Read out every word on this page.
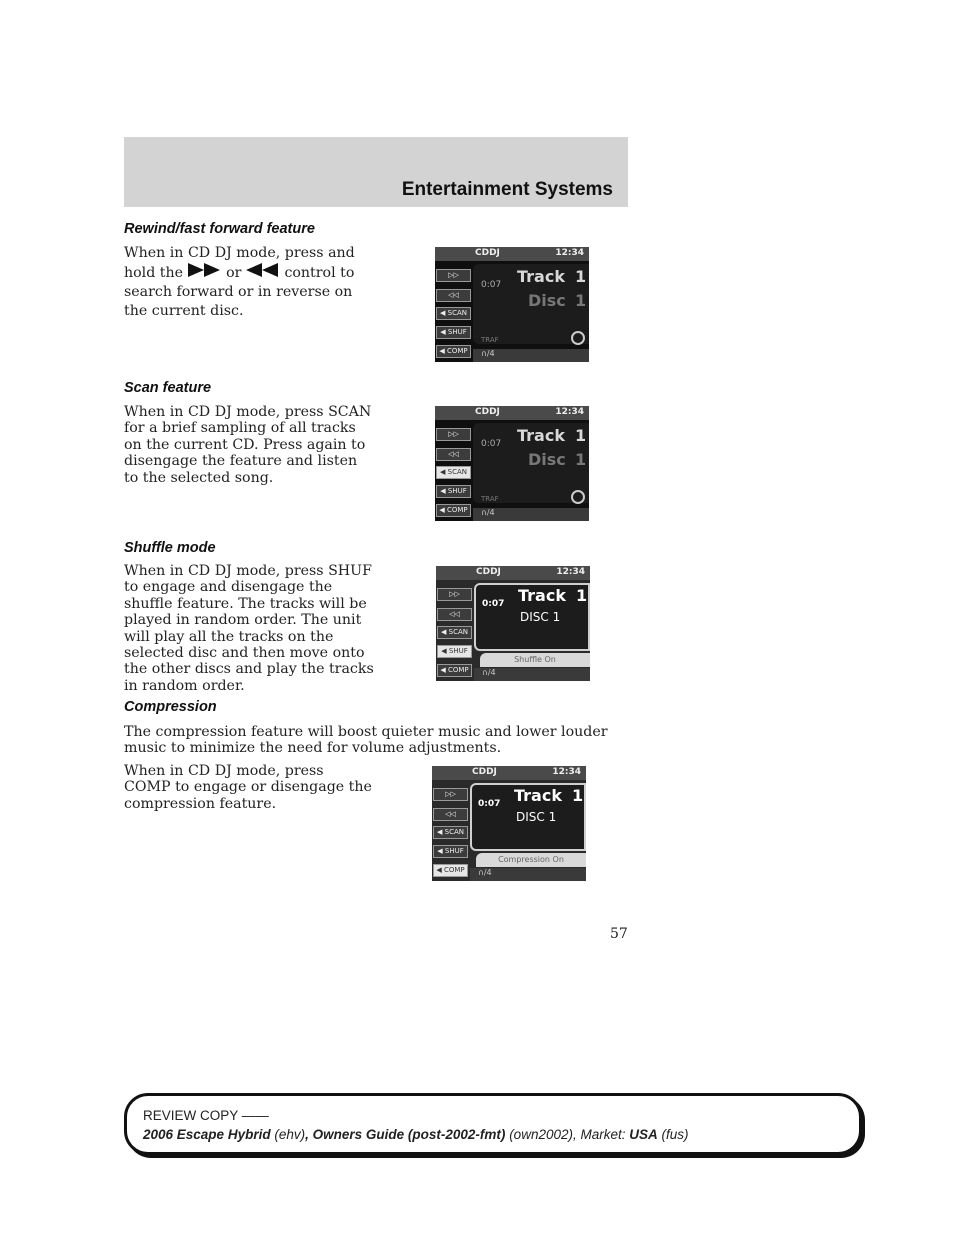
Entertainment Systems
Rewind/fast forward feature
When in CD DJ mode, press and hold the	or	control to search forward or in reverse on the current disc.
CDDJ	12:34
▷▷
◁◁
◀ SCAN
◀ SHUF
◀ COMP
0:07 Track 1
Disc 1
TRAF
∩/4
Scan feature
When in CD DJ mode, press SCAN for a brief sampling of all tracks on the current CD. Press again to disengage the feature and listen to the selected song.
CDDJ	12:34
▷▷
◁◁
◀ SCAN
◀ SHUF
◀ COMP
0:07 Track 1
Disc 1
TRAF
∩/4
Shuffle mode
When in CD DJ mode, press SHUF to engage and disengage the shuffle feature. The tracks will be played in random order. The unit will play all the tracks on the selected disc and then move onto the other discs and play the tracks in random order.
CDDJ	12:34
▷▷
◁◁
◀ SCAN
◀ SHUF
◀ COMP
0:07 Track 1
DISC 1
Shuffle On
∩/4
Compression
The compression feature will boost quieter music and lower louder music to minimize the need for volume adjustments.
When in CD DJ mode, press COMP to engage or disengage the compression feature.
CDDJ	12:34
▷▷
◁◁
◀ SCAN
◀ SHUF
◀ COMP
0:07 Track 1
DISC 1
Compression On
∩/4
57
REVIEW COPY ——
2006 Escape Hybrid (ehv), Owners Guide (post-2002-fmt) (own2002), Market: USA (fus)
